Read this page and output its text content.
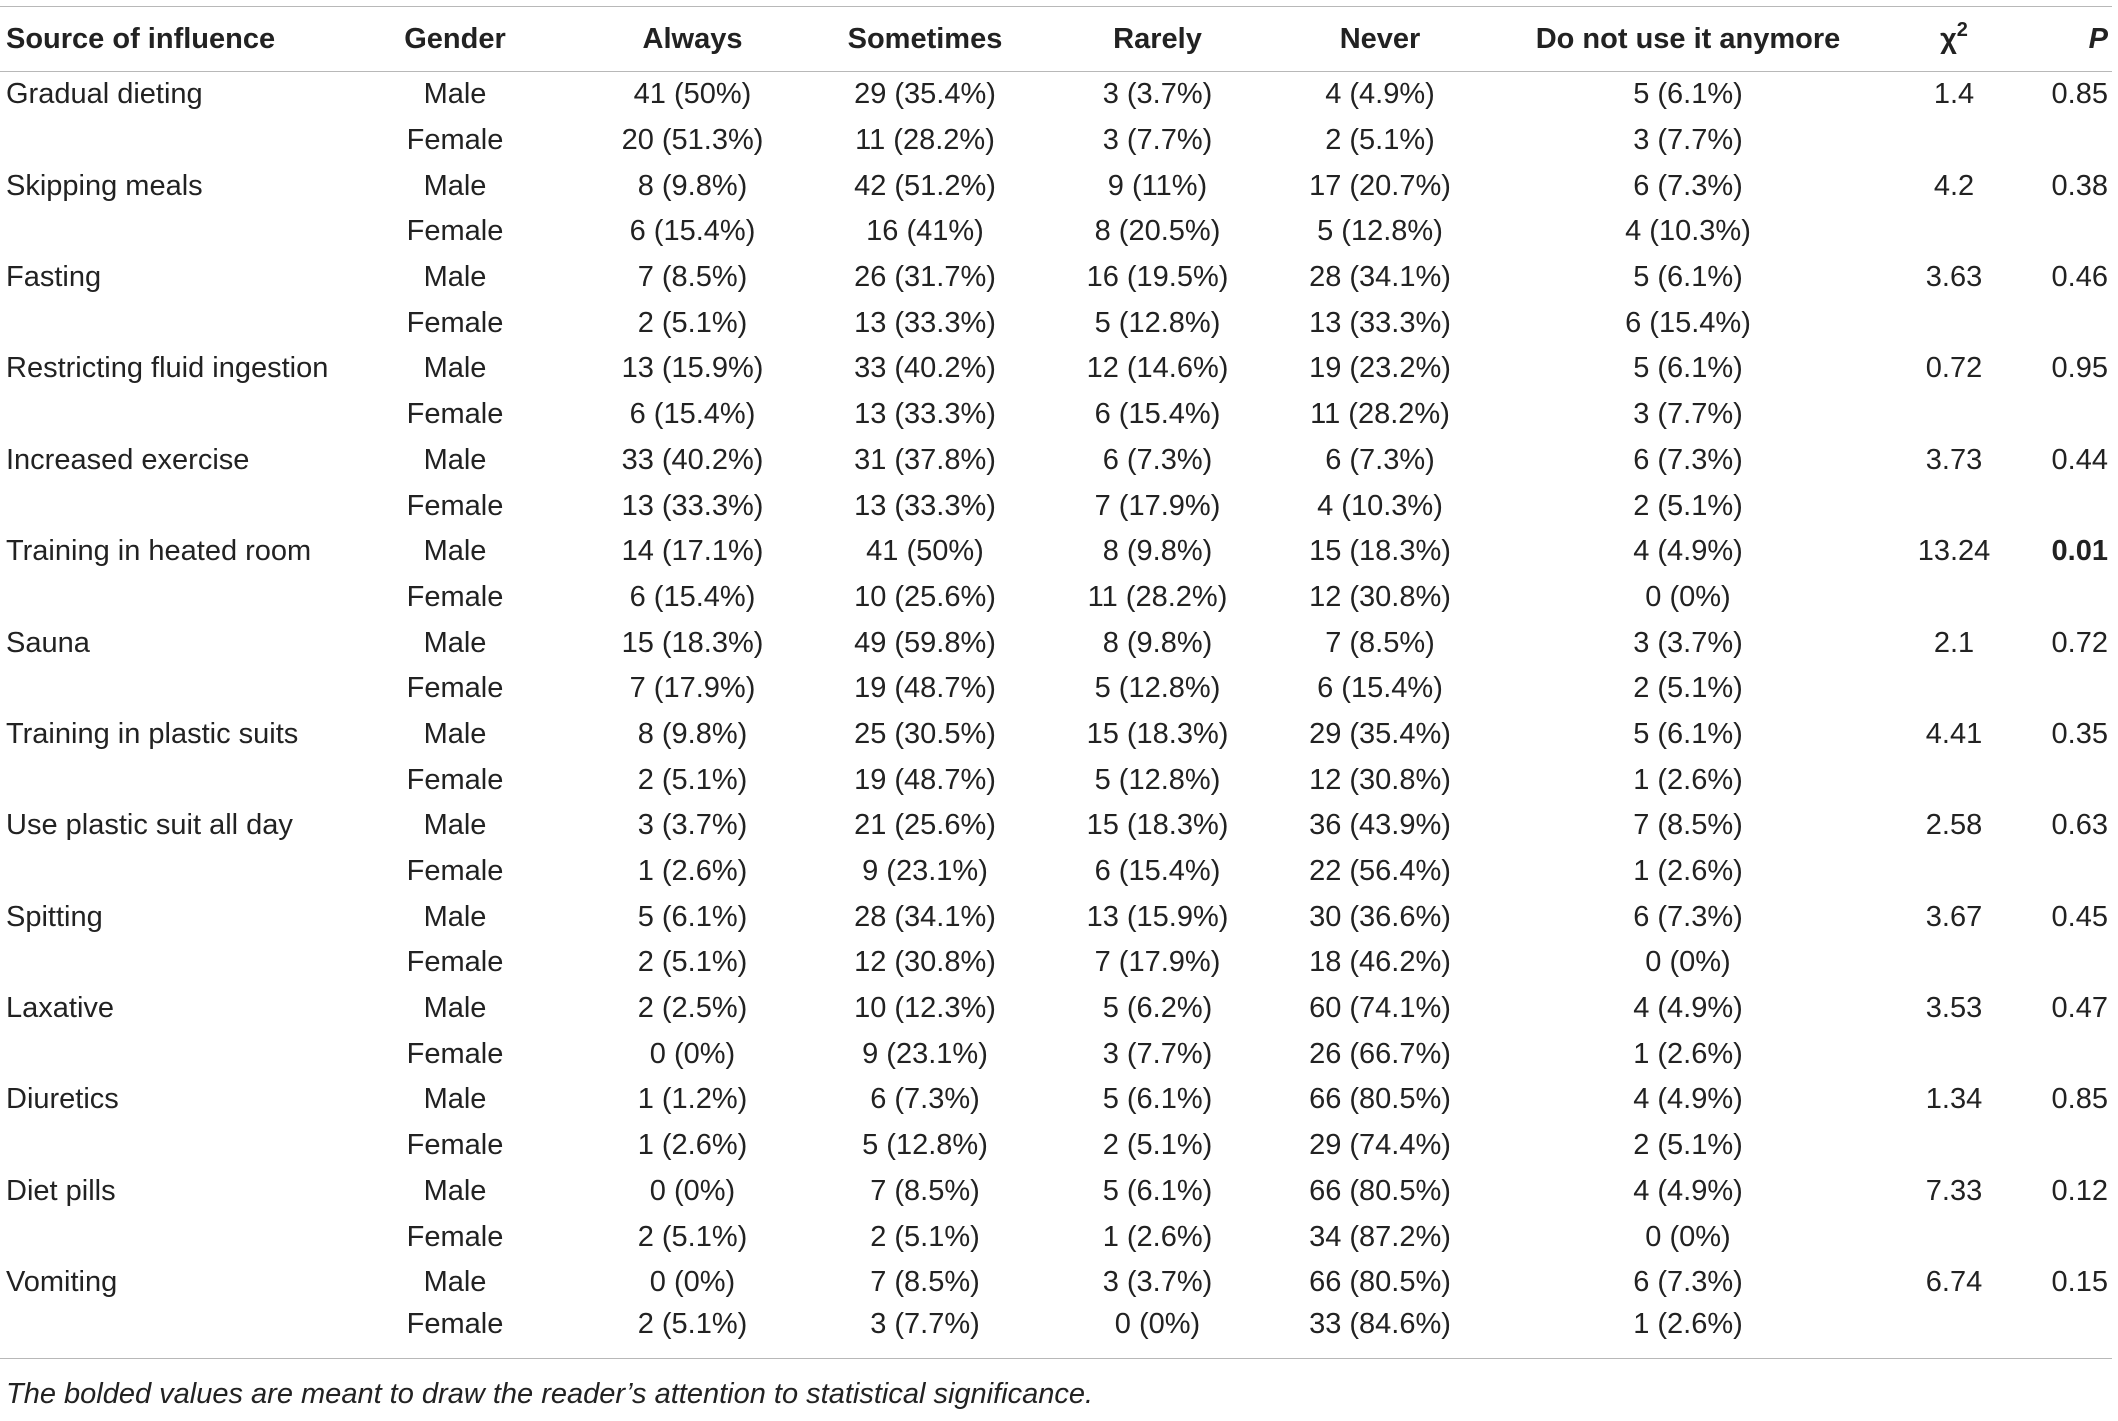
Source of influence	Gender	Always	Sometimes	Rarely	Never	Do not use it anymore	$\chi^2$	P
Gradual dieting	Male	41 (50%)	29 (35.4%)	3 (3.7%)	4 (4.9%)	5 (6.1%)	1.4	0.85
	Female	20 (51.3%)	11 (28.2%)	3 (7.7%)	2 (5.1%)	3 (7.7%)		
Skipping meals	Male	8 (9.8%)	42 (51.2%)	9 (11%)	17 (20.7%)	6 (7.3%)	4.2	0.38
	Female	6 (15.4%)	16 (41%)	8 (20.5%)	5 (12.8%)	4 (10.3%)		
Fasting	Male	7 (8.5%)	26 (31.7%)	16 (19.5%)	28 (34.1%)	5 (6.1%)	3.63	0.46
	Female	2 (5.1%)	13 (33.3%)	5 (12.8%)	13 (33.3%)	6 (15.4%)		
Restricting fluid ingestion	Male	13 (15.9%)	33 (40.2%)	12 (14.6%)	19 (23.2%)	5 (6.1%)	0.72	0.95
	Female	6 (15.4%)	13 (33.3%)	6 (15.4%)	11 (28.2%)	3 (7.7%)		
Increased exercise	Male	33 (40.2%)	31 (37.8%)	6 (7.3%)	6 (7.3%)	6 (7.3%)	3.73	0.44
	Female	13 (33.3%)	13 (33.3%)	7 (17.9%)	4 (10.3%)	2 (5.1%)		
Training in heated room	Male	14 (17.1%)	41 (50%)	8 (9.8%)	15 (18.3%)	4 (4.9%)	13.24	0.01
	Female	6 (15.4%)	10 (25.6%)	11 (28.2%)	12 (30.8%)	0 (0%)		
Sauna	Male	15 (18.3%)	49 (59.8%)	8 (9.8%)	7 (8.5%)	3 (3.7%)	2.1	0.72
	Female	7 (17.9%)	19 (48.7%)	5 (12.8%)	6 (15.4%)	2 (5.1%)		
Training in plastic suits	Male	8 (9.8%)	25 (30.5%)	15 (18.3%)	29 (35.4%)	5 (6.1%)	4.41	0.35
	Female	2 (5.1%)	19 (48.7%)	5 (12.8%)	12 (30.8%)	1 (2.6%)		
Use plastic suit all day	Male	3 (3.7%)	21 (25.6%)	15 (18.3%)	36 (43.9%)	7 (8.5%)	2.58	0.63
	Female	1 (2.6%)	9 (23.1%)	6 (15.4%)	22 (56.4%)	1 (2.6%)		
Spitting	Male	5 (6.1%)	28 (34.1%)	13 (15.9%)	30 (36.6%)	6 (7.3%)	3.67	0.45
	Female	2 (5.1%)	12 (30.8%)	7 (17.9%)	18 (46.2%)	0 (0%)		
Laxative	Male	2 (2.5%)	10 (12.3%)	5 (6.2%)	60 (74.1%)	4 (4.9%)	3.53	0.47
	Female	0 (0%)	9 (23.1%)	3 (7.7%)	26 (66.7%)	1 (2.6%)		
Diuretics	Male	1 (1.2%)	6 (7.3%)	5 (6.1%)	66 (80.5%)	4 (4.9%)	1.34	0.85
	Female	1 (2.6%)	5 (12.8%)	2 (5.1%)	29 (74.4%)	2 (5.1%)		
Diet pills	Male	0 (0%)	7 (8.5%)	5 (6.1%)	66 (80.5%)	4 (4.9%)	7.33	0.12
	Female	2 (5.1%)	2 (5.1%)	1 (2.6%)	34 (87.2%)	0 (0%)		
Vomiting	Male	0 (0%)	7 (8.5%)	3 (3.7%)	66 (80.5%)	6 (7.3%)	6.74	0.15
	Female	2 (5.1%)	3 (7.7%)	0 (0%)	33 (84.6%)	1 (2.6%)		
The bolded values are meant to draw the reader’s attention to statistical significance.
